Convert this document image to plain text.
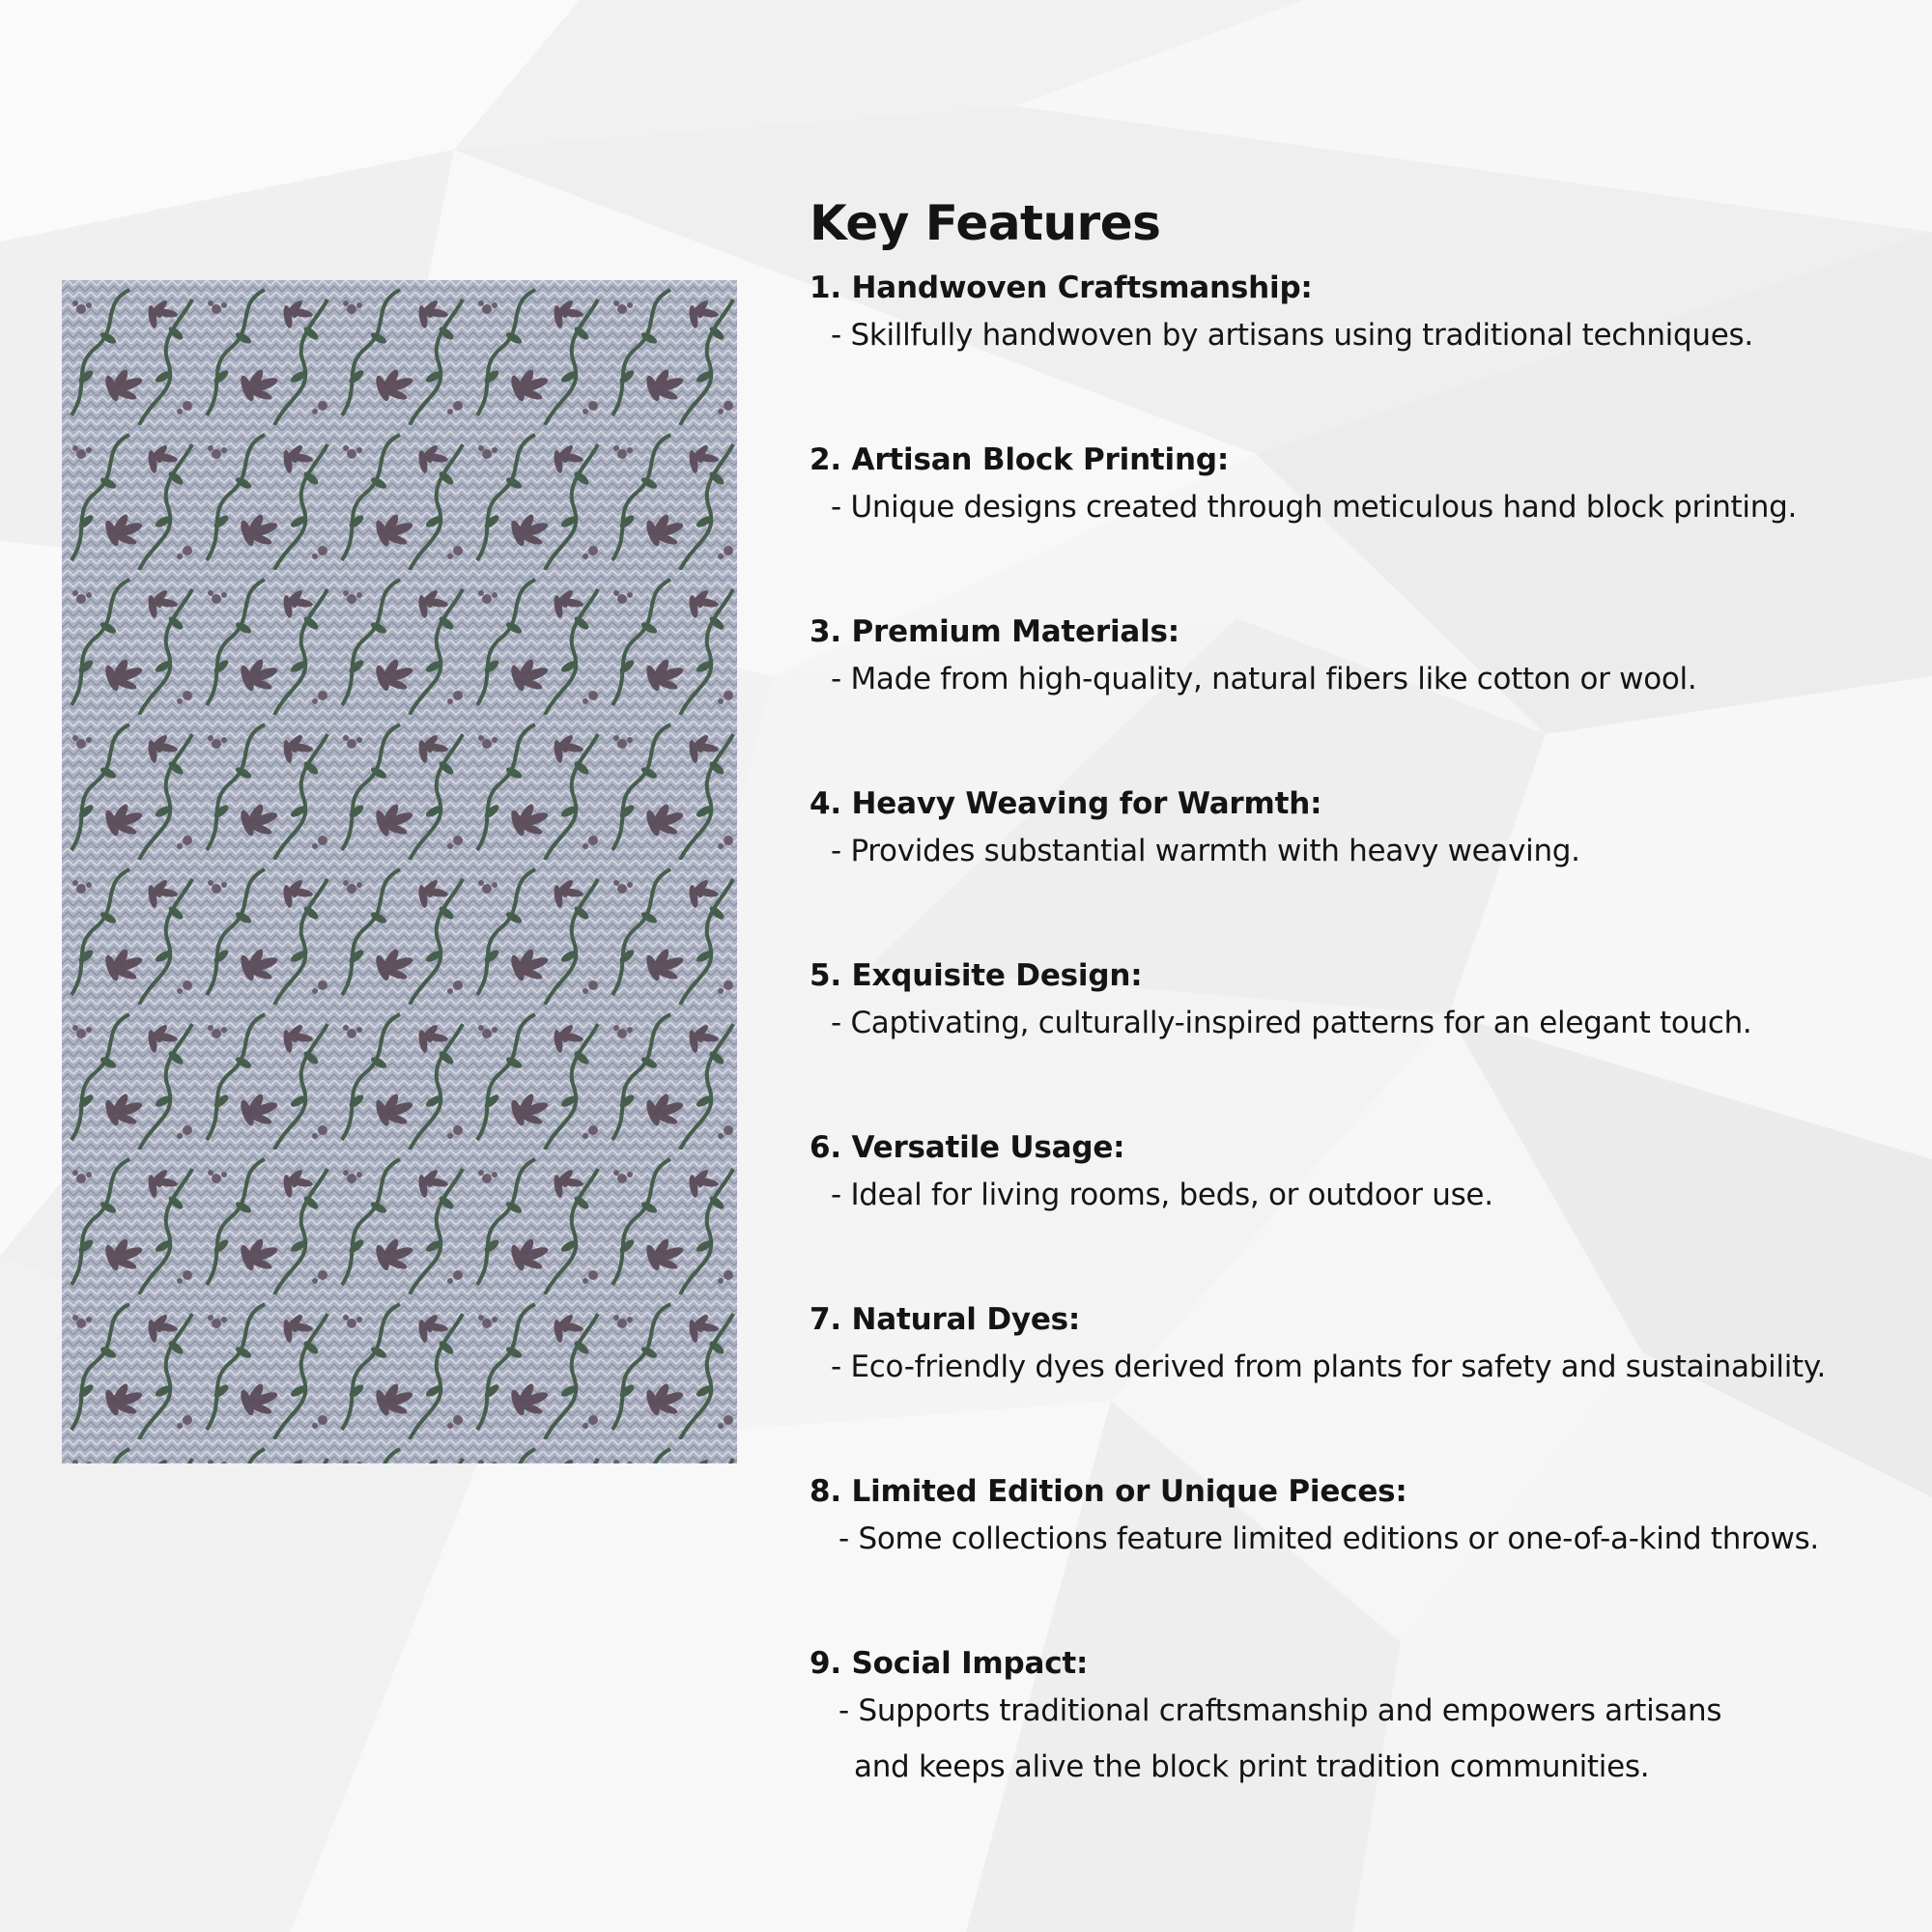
Key Features
1. Handwoven Craftsmanship:
- Skillfully handwoven by artisans using traditional techniques.
2. Artisan Block Printing:
- Unique designs created through meticulous hand block printing.
3. Premium Materials:
- Made from high-quality, natural fibers like cotton or wool.
4. Heavy Weaving for Warmth:
- Provides substantial warmth with heavy weaving.
5. Exquisite Design:
- Captivating, culturally-inspired patterns for an elegant touch.
6. Versatile Usage:
- Ideal for living rooms, beds, or outdoor use.
7. Natural Dyes:
- Eco-friendly dyes derived from plants for safety and sustainability.
8. Limited Edition or Unique Pieces:
- Some collections feature limited editions or one-of-a-kind throws.
9. Social Impact:
- Supports traditional craftsmanship and empowers artisans
and keeps alive the block print tradition communities.
